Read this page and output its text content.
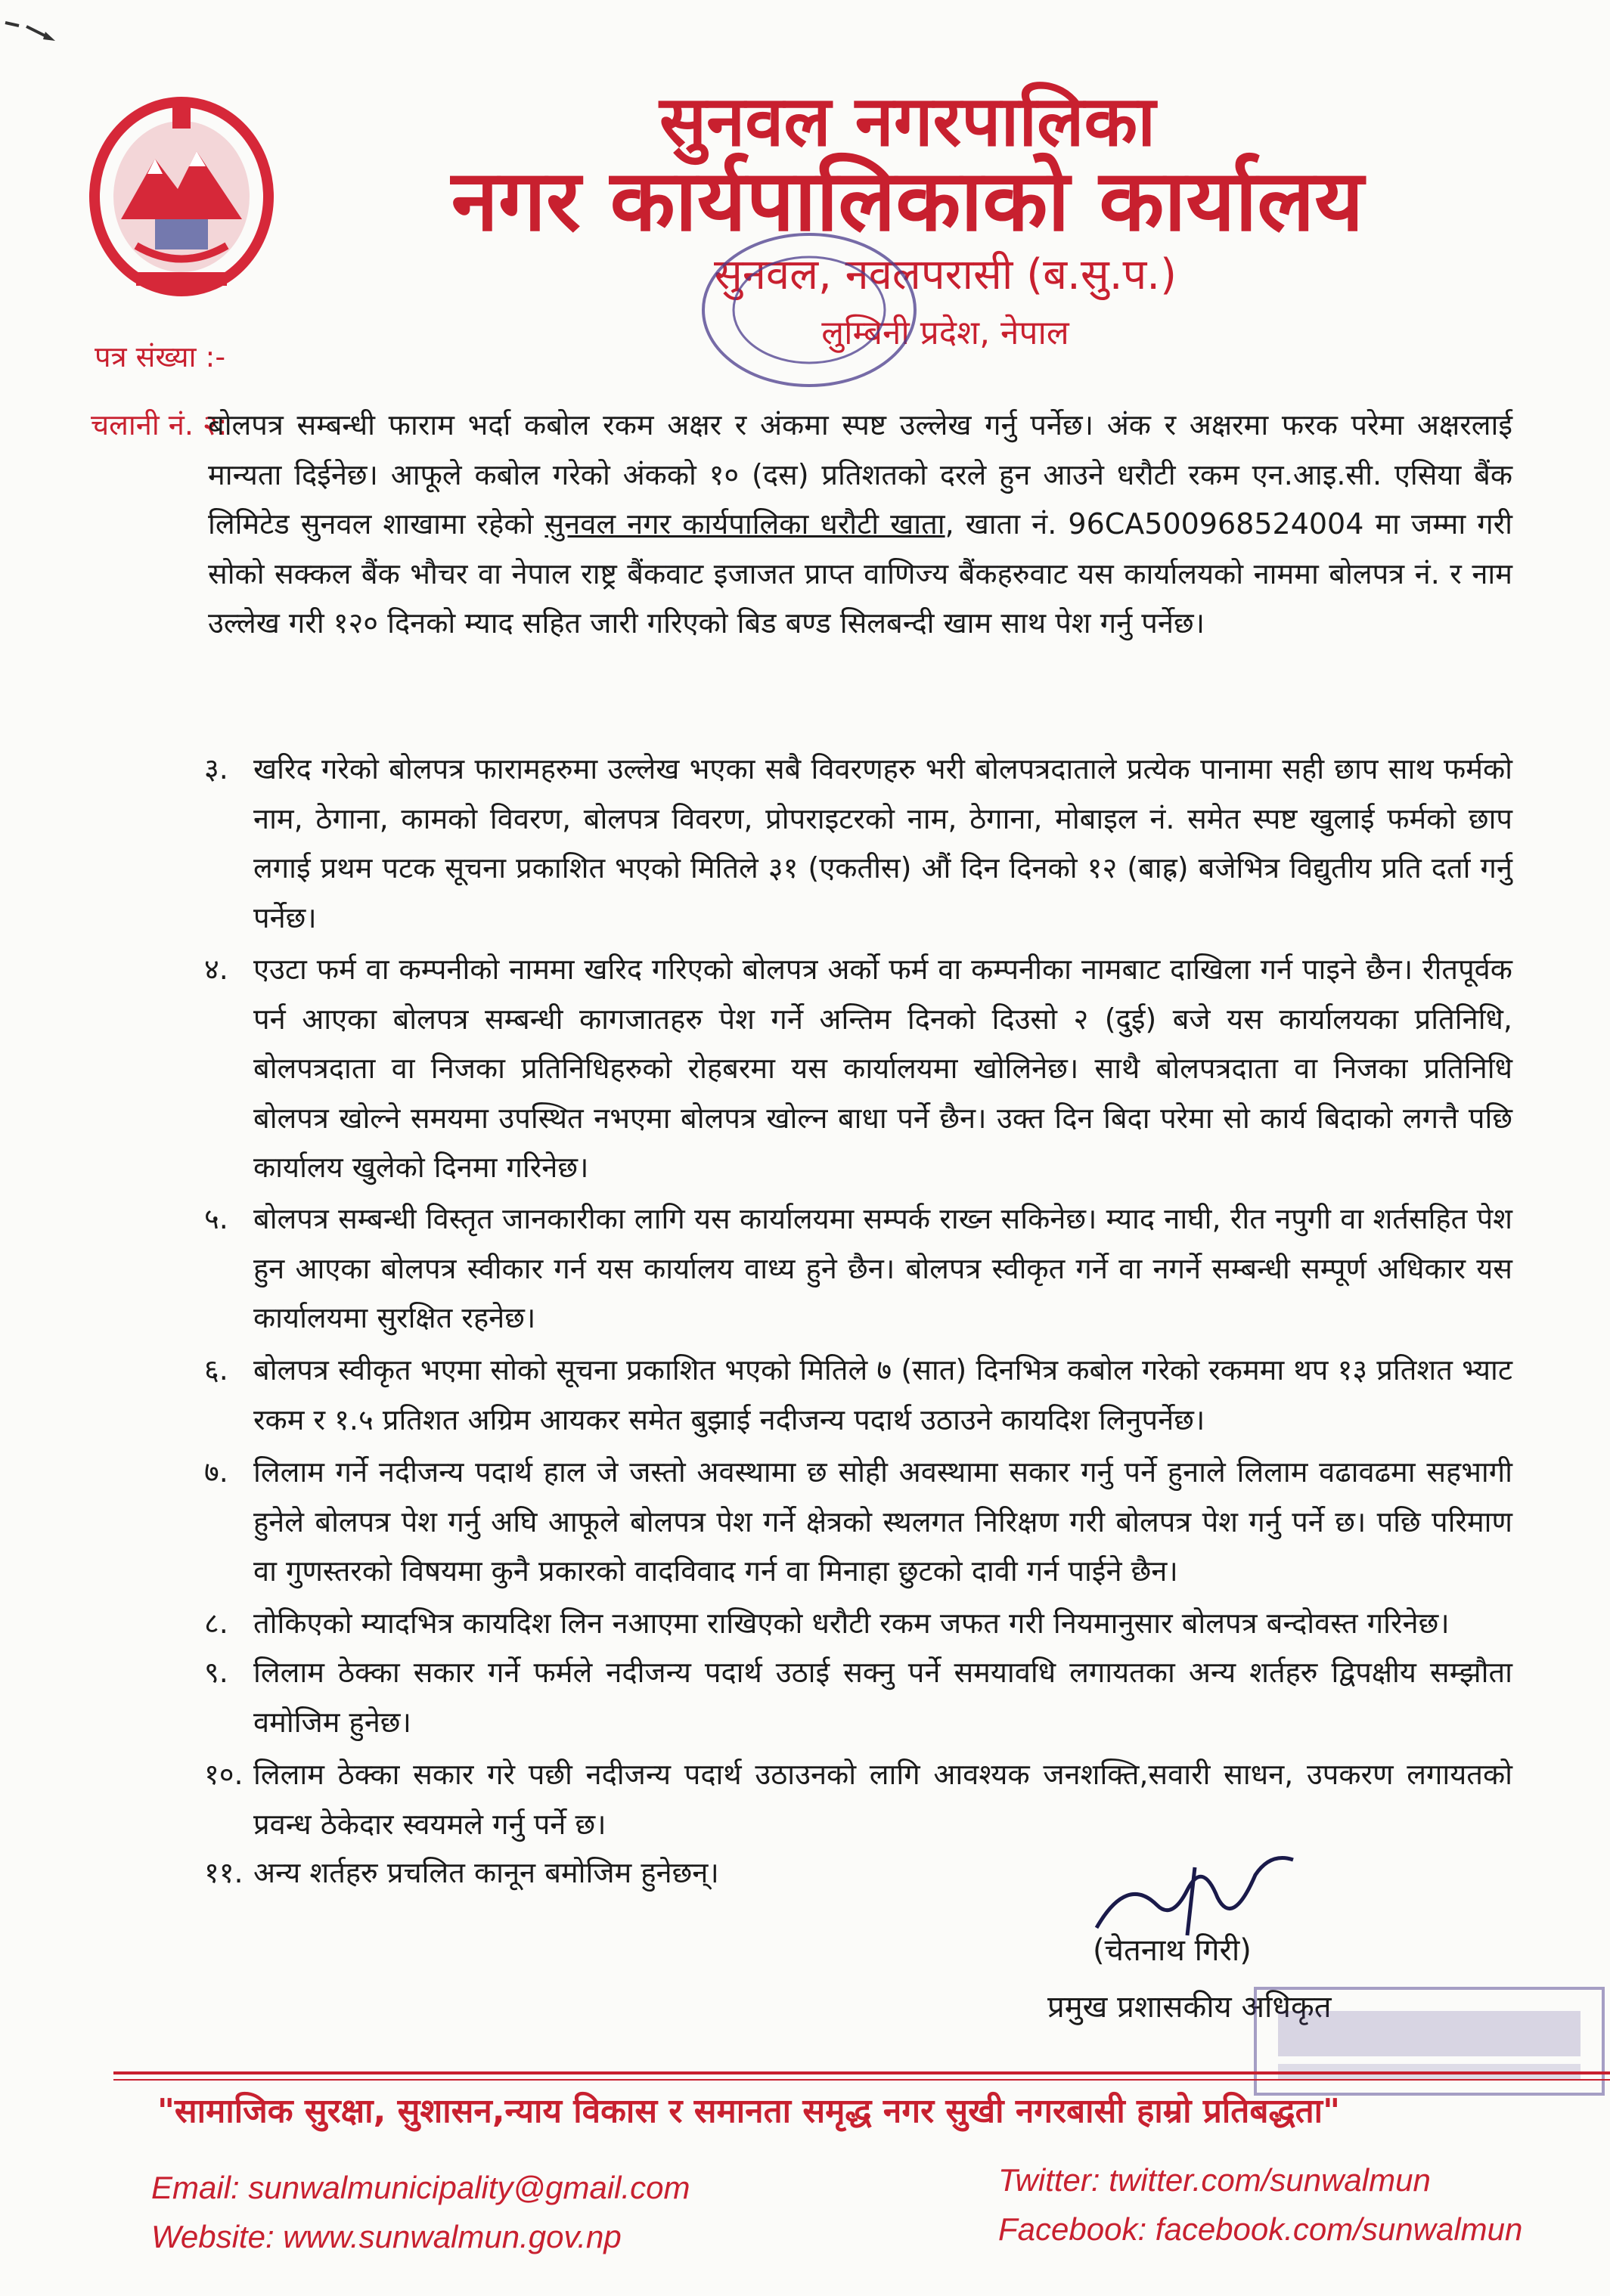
सुनवल नगरपालिका
नगर कार्यपालिकाको कार्यालय
सुनवल, नवलपरासी (ब.सु.प.)
लुम्बिनी प्रदेश, नेपाल
पत्र संख्या :-
चलानी नं. २:
बोलपत्र सम्बन्धी फाराम भर्दा कबोल रकम अक्षर र अंकमा स्पष्ट उल्लेख गर्नु पर्नेछ। अंक र अक्षरमा फरक परेमा अक्षरलाई मान्यता दिईनेछ। आफूले कबोल गरेको अंकको १० (दस) प्रतिशतको दरले हुन आउने धरौटी रकम एन.आइ.सी. एसिया बैंक लिमिटेड सुनवल शाखामा रहेको सुनवल नगर कार्यपालिका धरौटी खाता, खाता नं. 96CA500968524004 मा जम्मा गरी सोको सक्कल बैंक भौचर वा नेपाल राष्ट्र बैंकवाट इजाजत प्राप्त वाणिज्य बैंकहरुवाट यस कार्यालयको नाममा बोलपत्र नं. र नाम उल्लेख गरी १२० दिनको म्याद सहित जारी गरिएको बिड बण्ड सिलबन्दी खाम साथ पेश गर्नु पर्नेछ।
३. खरिद गरेको बोलपत्र फारामहरुमा उल्लेख भएका सबै विवरणहरु भरी बोलपत्रदाताले प्रत्येक पानामा सही छाप साथ फर्मको नाम, ठेगाना, कामको विवरण, बोलपत्र विवरण, प्रोपराइटरको नाम, ठेगाना, मोबाइल नं. समेत स्पष्ट खुलाई फर्मको छाप लगाई प्रथम पटक सूचना प्रकाशित भएको मितिले ३१ (एकतीस) औं दिन दिनको १२ (बाह्र) बजेभित्र विद्युतीय प्रति दर्ता गर्नु पर्नेछ।
४. एउटा फर्म वा कम्पनीको नाममा खरिद गरिएको बोलपत्र अर्को फर्म वा कम्पनीका नामबाट दाखिला गर्न पाइने छैन। रीतपूर्वक पर्न आएका बोलपत्र सम्बन्धी कागजातहरु पेश गर्ने अन्तिम दिनको दिउसो २ (दुई) बजे यस कार्यालयका प्रतिनिधि, बोलपत्रदाता वा निजका प्रतिनिधिहरुको रोहबरमा यस कार्यालयमा खोलिनेछ। साथै बोलपत्रदाता वा निजका प्रतिनिधि बोलपत्र खोल्ने समयमा उपस्थित नभएमा बोलपत्र खोल्न बाधा पर्ने छैन। उक्त दिन बिदा परेमा सो कार्य बिदाको लगत्तै पछि कार्यालय खुलेको दिनमा गरिनेछ।
५. बोलपत्र सम्बन्धी विस्तृत जानकारीका लागि यस कार्यालयमा सम्पर्क राख्न सकिनेछ। म्याद नाघी, रीत नपुगी वा शर्तसहित पेश हुन आएका बोलपत्र स्वीकार गर्न यस कार्यालय वाध्य हुने छैन। बोलपत्र स्वीकृत गर्ने वा नगर्ने सम्बन्धी सम्पूर्ण अधिकार यस कार्यालयमा सुरक्षित रहनेछ।
६. बोलपत्र स्वीकृत भएमा सोको सूचना प्रकाशित भएको मितिले ७ (सात) दिनभित्र कबोल गरेको रकममा थप १३ प्रतिशत भ्याट रकम र १.५ प्रतिशत अग्रिम आयकर समेत बुझाई नदीजन्य पदार्थ उठाउने कायदिश लिनुपर्नेछ।
७. लिलाम गर्ने नदीजन्य पदार्थ हाल जे जस्तो अवस्थामा छ सोही अवस्थामा सकार गर्नु पर्ने हुनाले लिलाम वढावढमा सहभागी हुनेले बोलपत्र पेश गर्नु अघि आफूले बोलपत्र पेश गर्ने क्षेत्रको स्थलगत निरिक्षण गरी बोलपत्र पेश गर्नु पर्ने छ। पछि परिमाण वा गुणस्तरको विषयमा कुनै प्रकारको वादविवाद गर्न वा मिनाहा छुटको दावी गर्न पाईने छैन।
८. तोकिएको म्यादभित्र कायदिश लिन नआएमा राखिएको धरौटी रकम जफत गरी नियमानुसार बोलपत्र बन्दोवस्त गरिनेछ।
९. लिलाम ठेक्का सकार गर्ने फर्मले नदीजन्य पदार्थ उठाई सक्नु पर्ने समयावधि लगायतका अन्य शर्तहरु द्विपक्षीय सम्झौता वमोजिम हुनेछ।
१०. लिलाम ठेक्का सकार गरे पछी नदीजन्य पदार्थ उठाउनको लागि आवश्यक जनशक्ति,सवारी साधन, उपकरण लगायतको प्रवन्ध ठेकेदार स्वयमले गर्नु पर्ने छ।
११. अन्य शर्तहरु प्रचलित कानून बमोजिम हुनेछन्।
(चेतनाथ गिरी)
प्रमुख प्रशासकीय अधिकृत
"सामाजिक सुरक्षा, सुशासन,न्याय विकास र समानता समृद्ध नगर सुखी नगरबासी हाम्रो प्रतिबद्धता"
Email: sunwalmunicipality@gmail.com
Website: www.sunwalmun.gov.np
Twitter: twitter.com/sunwalmun
Facebook: facebook.com/sunwalmun
